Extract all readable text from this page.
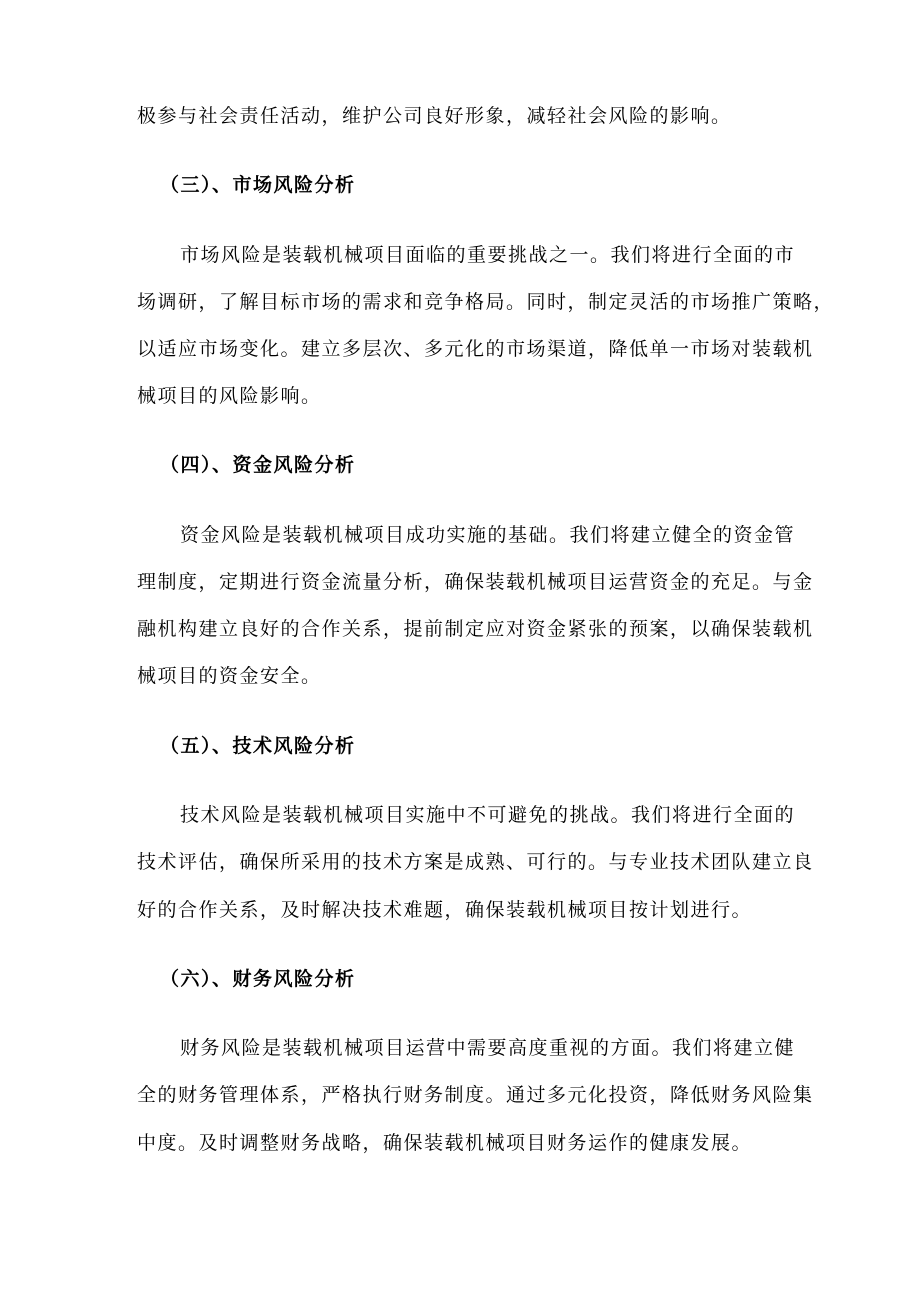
极参与社会责任活动，维护公司良好形象，减轻社会风险的影响。
（三）、市场风险分析
市场风险是装载机械项目面临的重要挑战之一。我们将进行全面的市
场调研，了解目标市场的需求和竞争格局。同时，制定灵活的市场推广策略，
以适应市场变化。建立多层次、多元化的市场渠道，降低单一市场对装载机
械项目的风险影响。
（四）、资金风险分析
资金风险是装载机械项目成功实施的基础。我们将建立健全的资金管
理制度，定期进行资金流量分析，确保装载机械项目运营资金的充足。与金
融机构建立良好的合作关系，提前制定应对资金紧张的预案，以确保装载机
械项目的资金安全。
（五）、技术风险分析
技术风险是装载机械项目实施中不可避免的挑战。我们将进行全面的
技术评估，确保所采用的技术方案是成熟、可行的。与专业技术团队建立良
好的合作关系，及时解决技术难题，确保装载机械项目按计划进行。
（六）、财务风险分析
财务风险是装载机械项目运营中需要高度重视的方面。我们将建立健
全的财务管理体系，严格执行财务制度。通过多元化投资，降低财务风险集
中度。及时调整财务战略，确保装载机械项目财务运作的健康发展。
